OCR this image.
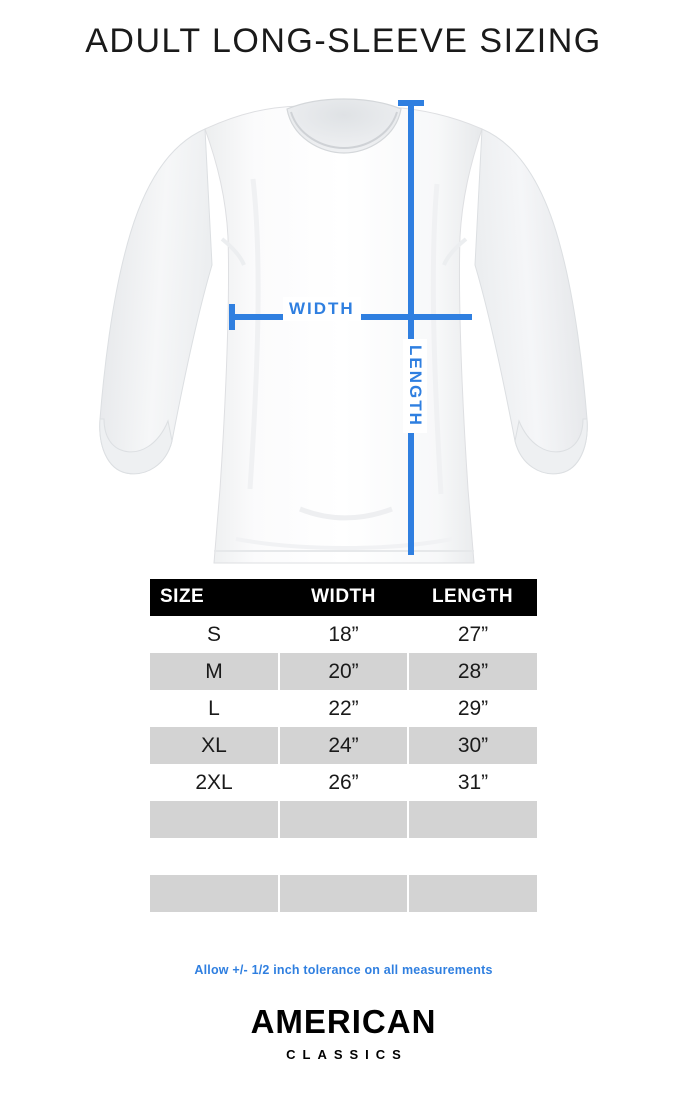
ADULT LONG-SLEEVE SIZING
WIDTH
LENGTH
SIZE	WIDTH	LENGTH
S	18”	27”
M	20”	28”
L	22”	29”
XL	24”	30”
2XL	26”	31”

Allow +/- 1/2 inch tolerance on all measurements
AMERICAN
CLASSICS
